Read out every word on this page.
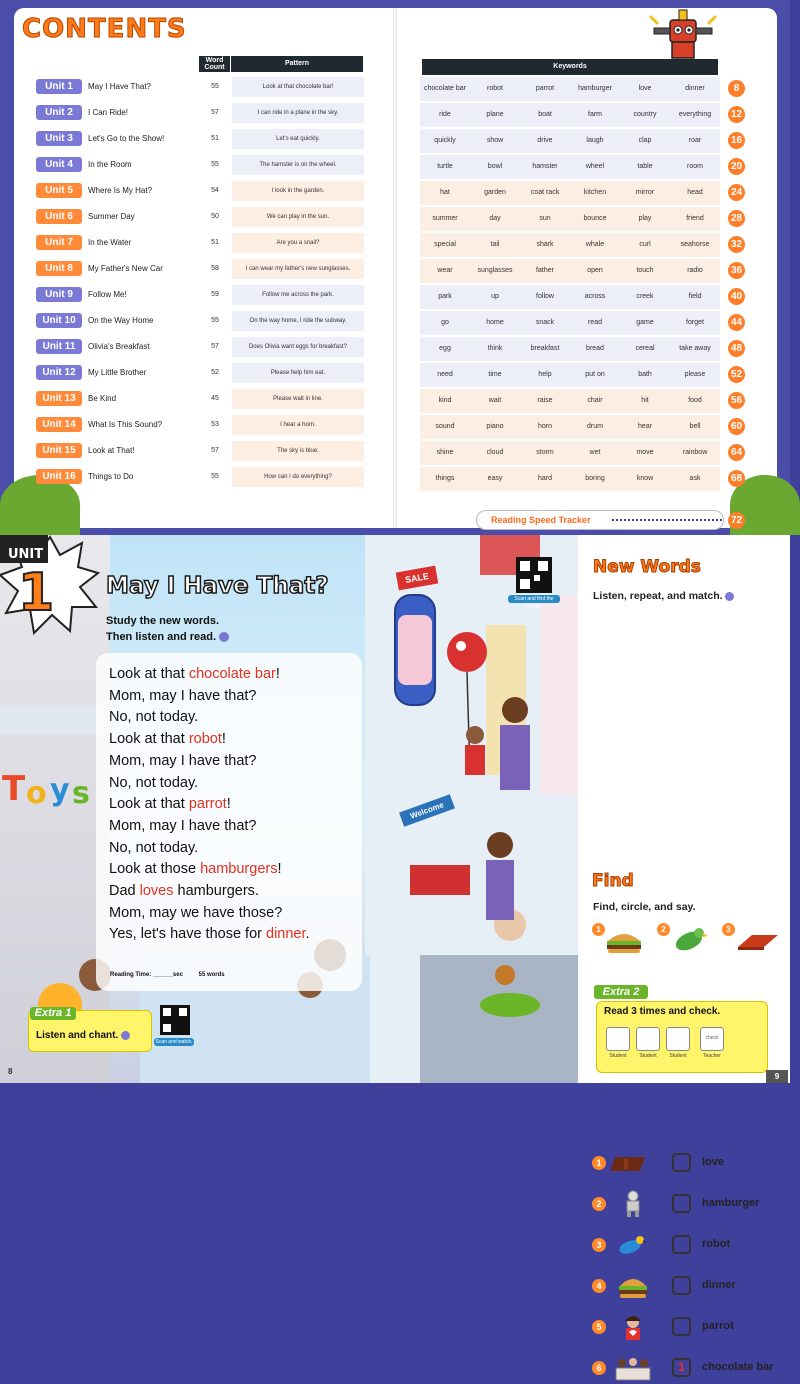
CONTENTS
Word Count
Pattern	Keywords
Unit 1	May I Have That?	55	Look at that chocolate bar!
Unit 2	I Can Ride!	57	I can ride in a plane in the sky.
Unit 3	Let's Go to the Show!	51	Let's eat quickly.
Unit 4	In the Room	55	The hamster is on the wheel.
Unit 5	Where Is My Hat?	54	I look in the garden.
Unit 6	Summer Day	50	We can play in the sun.
Unit 7	In the Water	51	Are you a snail?
Unit 8	My Father's New Car	58	I can wear my father's new sunglasses.
Unit 9	Follow Me!	59	Follow me across the park.
Unit 10	On the Way Home	55	On the way home, I ride the subway.
Unit 11	Olivia's Breakfast	57	Does Olivia want eggs for breakfast?
Unit 12	My Little Brother	52	Please help him eat.
Unit 13	Be Kind	45	Please wait in line.
Unit 14	What Is This Sound?	53	I hear a horn.
Unit 15	Look at That!	57	The sky is blue.
Unit 16	Things to Do	55	How can I do everything?
chocolate bar	robot	parrot	hamburger	love	dinner	8
ride	plane	boat	farm	country	everything	12
quickly	show	drive	laugh	clap	roar	16
turtle	bowl	hamster	wheel	table	room	20
hat	garden	coat rack	kitchen	mirror	head	24
summer	day	sun	bounce	play	friend	28
special	tail	shark	whale	curl	seahorse	32
wear	sunglasses	father	open	touch	radio	36
park	up	follow	across	creek	field	40
go	home	snack	read	game	forget	44
egg	think	breakfast	bread	cereal	take away	48
need	time	help	put on	bath	please	52
kind	wait	raise	chair	hit	food	56
sound	piano	horn	drum	hear	bell	60
shine	cloud	storm	wet	move	rainbow	64
things	easy	hard	boring	know	ask	68
Reading Speed Tracker	72
T o y s
UNIT
1 May I Have That?
Study the new words.
Then listen and read.
Look at that chocolate bar!
Mom, may I have that?
No, not today.
Look at that robot!
Mom, may I have that?
No, not today.
Look at that parrot!
Mom, may I have that?
No, not today.
Look at those hamburgers!
Dad loves hamburgers.
Mom, may we have those?
Yes, let's have those for dinner.
Reading Time: ______sec	55 words
SALE
Welcome
Scan and find the tracks.
Scan and watch.
Extra 1
Listen and chant.
8
New Words
Listen, repeat, and match.
1	love
2	hamburger
3	robot
4	dinner
5	parrot
6	1	chocolate bar
Find
Find, circle, and say.
1	2	3
Extra 2
Read 3 times and check.
check
Student	Student	Student	Teacher
9
